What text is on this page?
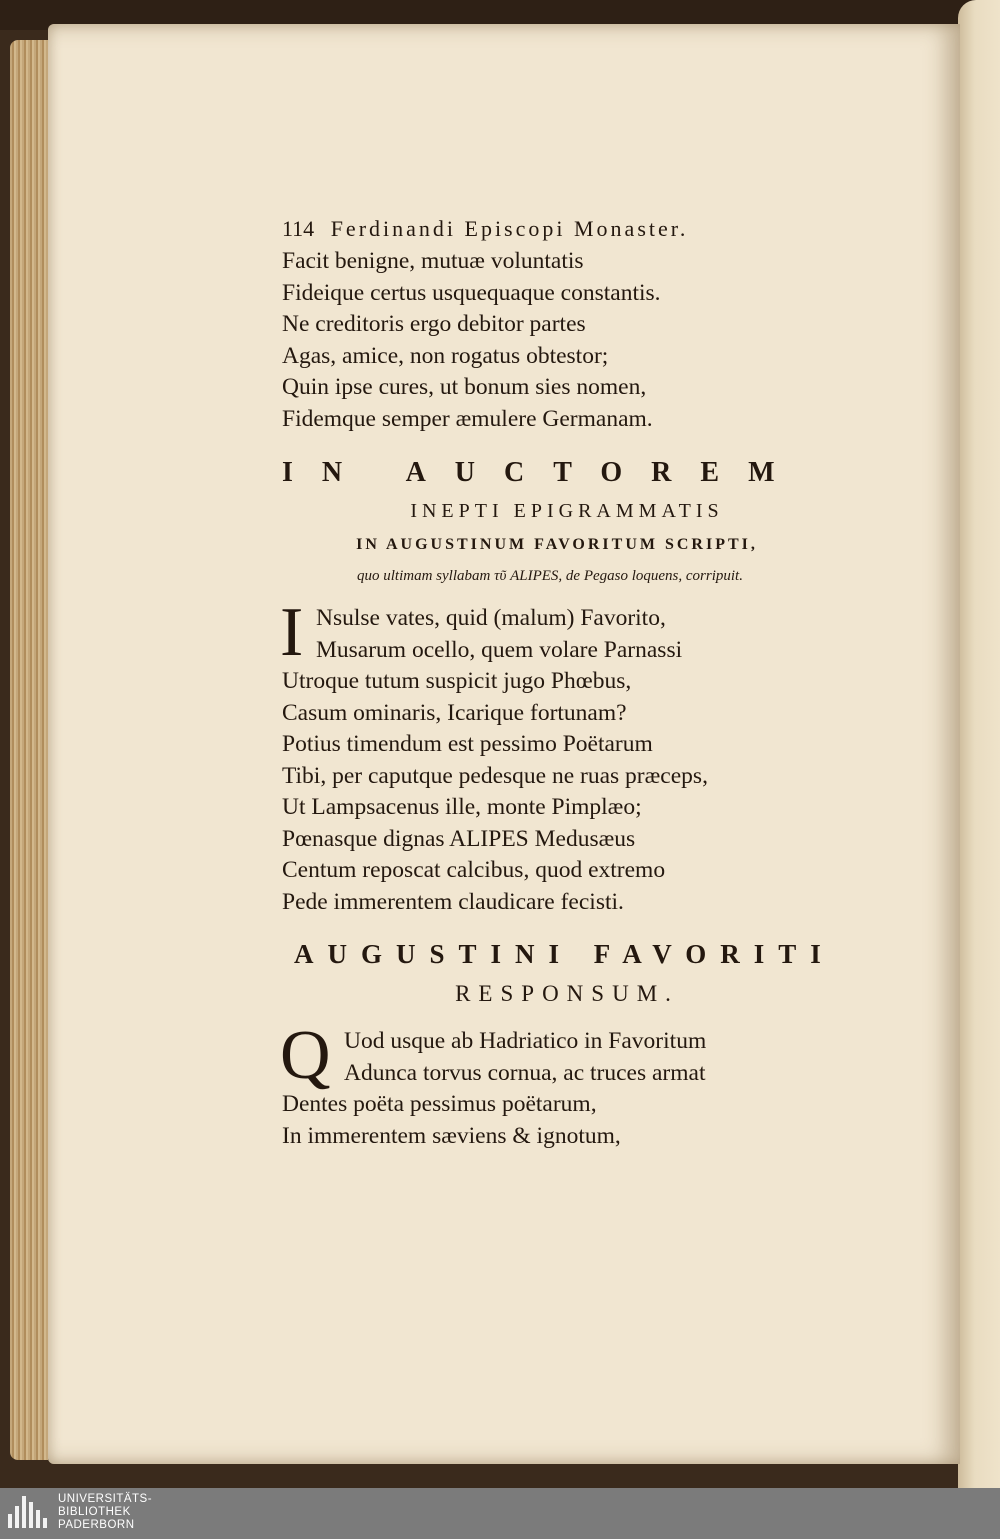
114 Ferdinandi Episcopi Monaster.

Facit benigne, mutuæ voluntatis

Fideique certus usquequaque constantis.

Ne creditoris ergo debitor partes

Agas, amice, non rogatus obtestor;

Quin ipse cures, ut bonum sies nomen,

Fidemque semper æmulere Germanam.

IN AUCTOREM
INEPTI EPIGRAMMATIS
IN AUGUSTINUM FAVORITUM SCRIPTI,
quo ultimam syllabam τῦ ALIPES, de Pegaso loquens, corripuit.
I Nsulse vates, quid (malum) Favorito,

Musarum ocello, quem volare Parnassi

Utroque tutum suspicit jugo Phœbus,

Casum ominaris, Icarique fortunam?

Potius timendum est pessimo Poëtarum

Tibi, per caputque pedesque ne ruas præceps,

Ut Lampsacenus ille, monte Pimplæo;

Pœnasque dignas ALIPES Medusæus

Centum reposcat calcibus, quod extremo

Pede immerentem claudicare fecisti.

AUGUSTINI FAVORITI
RESPONSUM.
Q Uod usque ab Hadriatico in Favoritum

Adunca torvus cornua, ac truces armat

Dentes poëta pessimus poëtarum,

In immerentem sæviens & ignotum,

UNIVERSITÄTS-
BIBLIOTHEK
PADERBORN
